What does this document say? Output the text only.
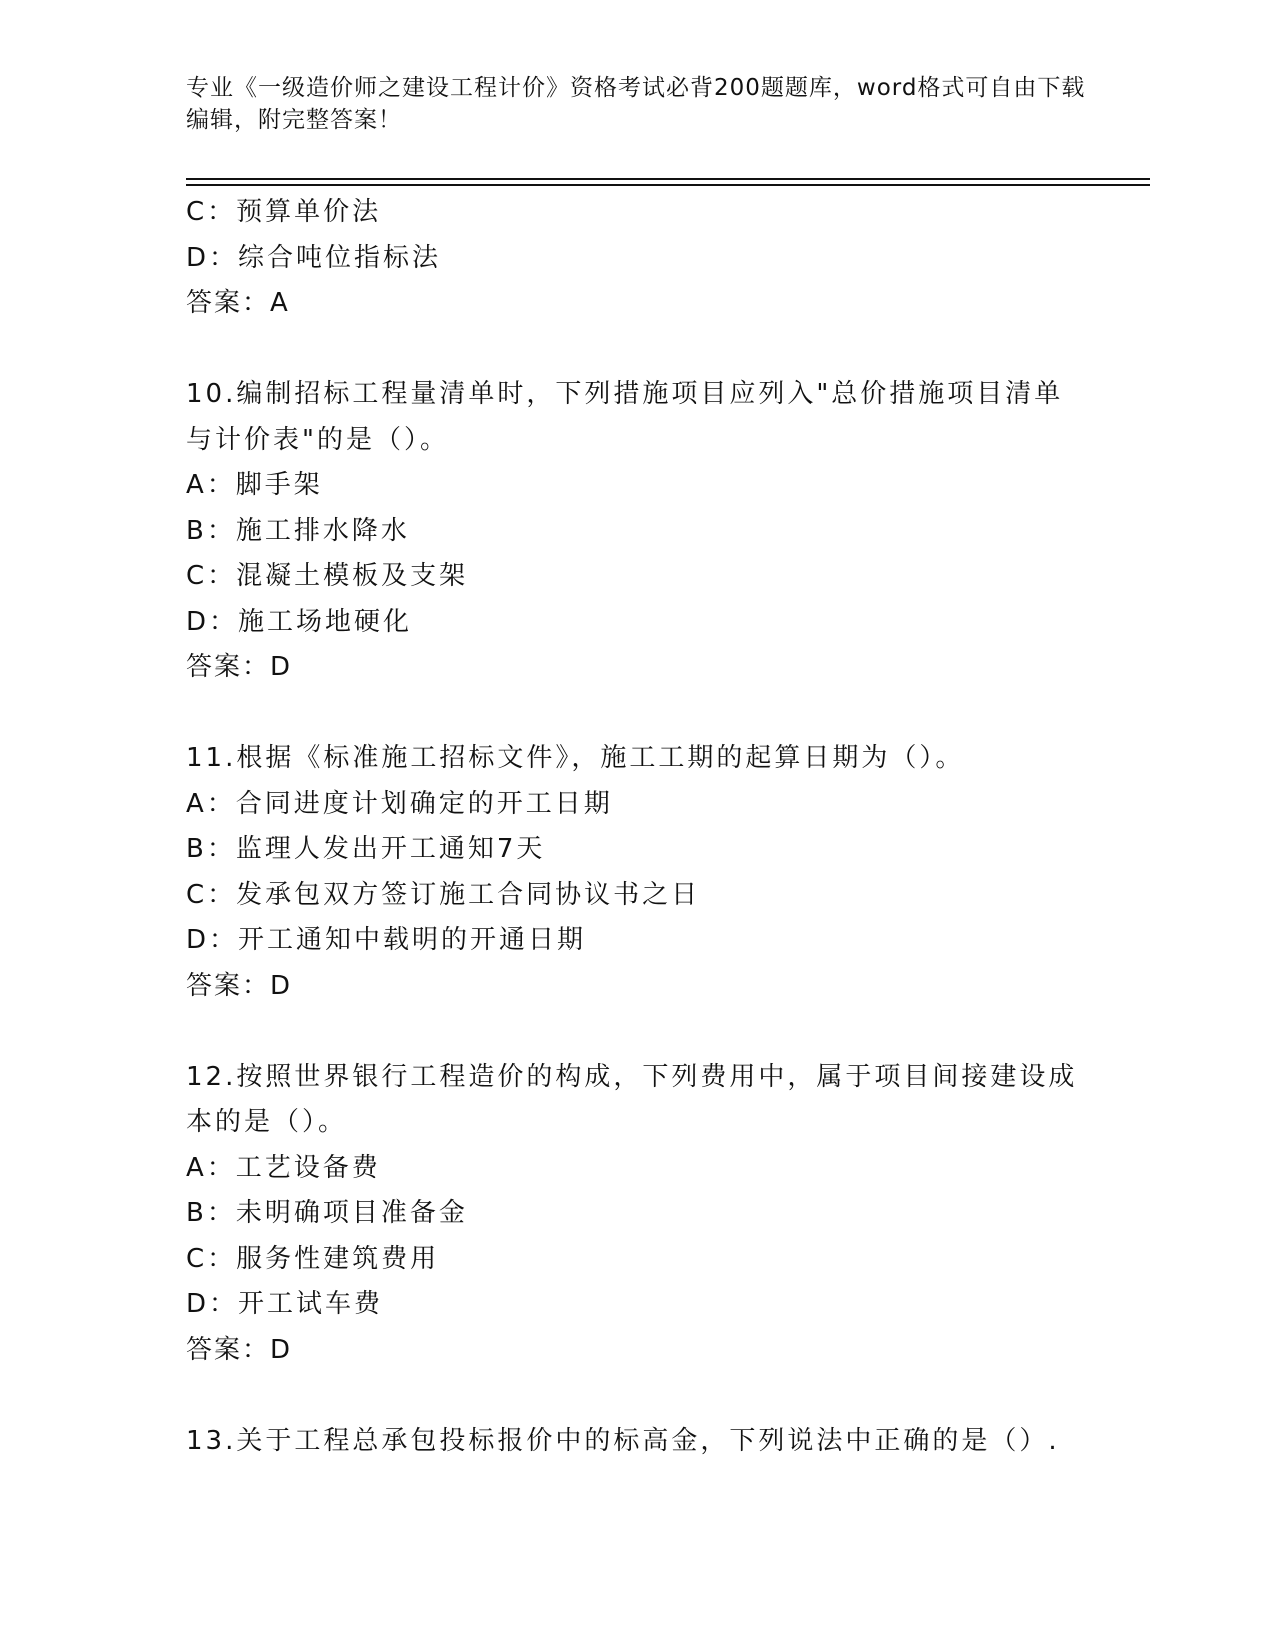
专业《一级造价师之建设工程计价》资格考试必背200题题库，word格式可自由下载编辑，附完整答案！
C：预算单价法
D：综合吨位指标法
答案：A
10.编制招标工程量清单时，下列措施项目应列入"总价措施项目清单
与计价表"的是（）。
A：脚手架
B：施工排水降水
C：混凝土模板及支架
D：施工场地硬化
答案：D
11.根据《标准施工招标文件》，施工工期的起算日期为（）。
A：合同进度计划确定的开工日期
B：监理人发出开工通知7天
C：发承包双方签订施工合同协议书之日
D：开工通知中载明的开通日期
答案：D
12.按照世界银行工程造价的构成，下列费用中，属于项目间接建设成
本的是（）。
A：工艺设备费
B：未明确项目准备金
C：服务性建筑费用
D：开工试车费
答案：D
13.关于工程总承包投标报价中的标高金，下列说法中正确的是（）.
